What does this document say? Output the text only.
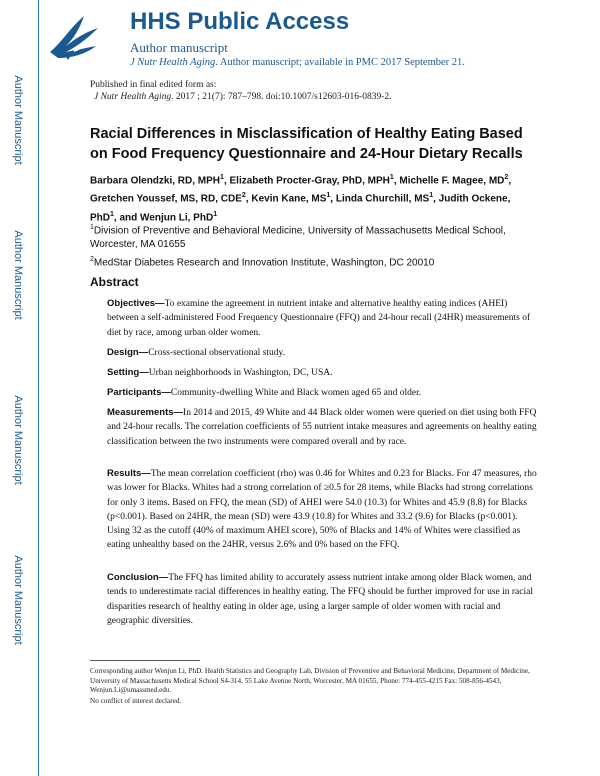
Author Manuscript
Author Manuscript
Author Manuscript
Author Manuscript
HHS Public Access
Author manuscript
J Nutr Health Aging. Author manuscript; available in PMC 2017 September 21.
Published in final edited form as:
J Nutr Health Aging. 2017 ; 21(7): 787–798. doi:10.1007/s12603-016-0839-2.
Racial Differences in Misclassification of Healthy Eating Based on Food Frequency Questionnaire and 24-Hour Dietary Recalls
Barbara Olendzki, RD, MPH$^1$, Elizabeth Procter-Gray, PhD, MPH$^1$, Michelle F. Magee, $MD^2$, Gretchen Youssef, MS, RD, CDE$^2$, Kevin Kane, $MS^1$, Linda Churchill, $MS^1$, Judith Ockene, PhD$^1$, and Wenjun Li, PhD$^1$
$^1$Division of Preventive and Behavioral Medicine, University of Massachusetts Medical School, Worcester, MA 01655
$^2$MedStar Diabetes Research and Innovation Institute, Washington, DC 20010
Abstract
Objectives—To examine the agreement in nutrient intake and alternative healthy eating indices (AHEI) between a self-administered Food Frequency Questionnaire (FFQ) and 24-hour recall (24HR) measurements of diet by race, among urban older women.
Design—Cross-sectional observational study.
Setting—Urban neighborhoods in Washington, DC, USA.
Participants—Community-dwelling White and Black women aged 65 and older.
Measurements—In 2014 and 2015, 49 White and 44 Black older women were queried on diet using both FFQ and 24-hour recalls. The correlation coefficients of 55 nutrient intake measures and agreements on healthy eating classification between the two instruments were compared overall and by race.
Results—The mean correlation coefficient (rho) was 0.46 for Whites and 0.23 for Blacks. For 47 measures, rho was lower for Blacks. Whites had a strong correlation of ≥0.5 for 28 items, while Blacks had strong correlations for only 3 items. Based on FFQ, the mean (SD) of AHEI were 54.0 (10.3) for Whites and 45.9 (8.8) for Blacks (p<0.001). Based on 24HR, the mean (SD) were 43.9 (10.8) for Whites and 33.2 (9.6) for Blacks (p<0.001). Using 32 as the cutoff (40% of maximum AHEI score), 50% of Blacks and 14% of Whites were classified as eating unhealthy based on the 24HR, versus 2.6% and 0% based on the FFQ.
Conclusion—The FFQ has limited ability to accurately assess nutrient intake among older Black women, and tends to underestimate racial differences in healthy eating. The FFQ should be further improved for use in racial disparities research of healthy eating in older age, using a larger sample of older women with racial and geographic diversities.
Corresponding author Wenjun Li, PhD. Health Statistics and Geography Lab, Division of Preventive and Behavioral Medicine, Department of Medicine, University of Massachusetts Medical School S4-314, 55 Lake Avenue North, Worcester, MA 01655, Phone: 774-455-4215 Fax: 508-856-4543, Wenjun.Li@umassmed.edu.
No conflict of interest declared.
